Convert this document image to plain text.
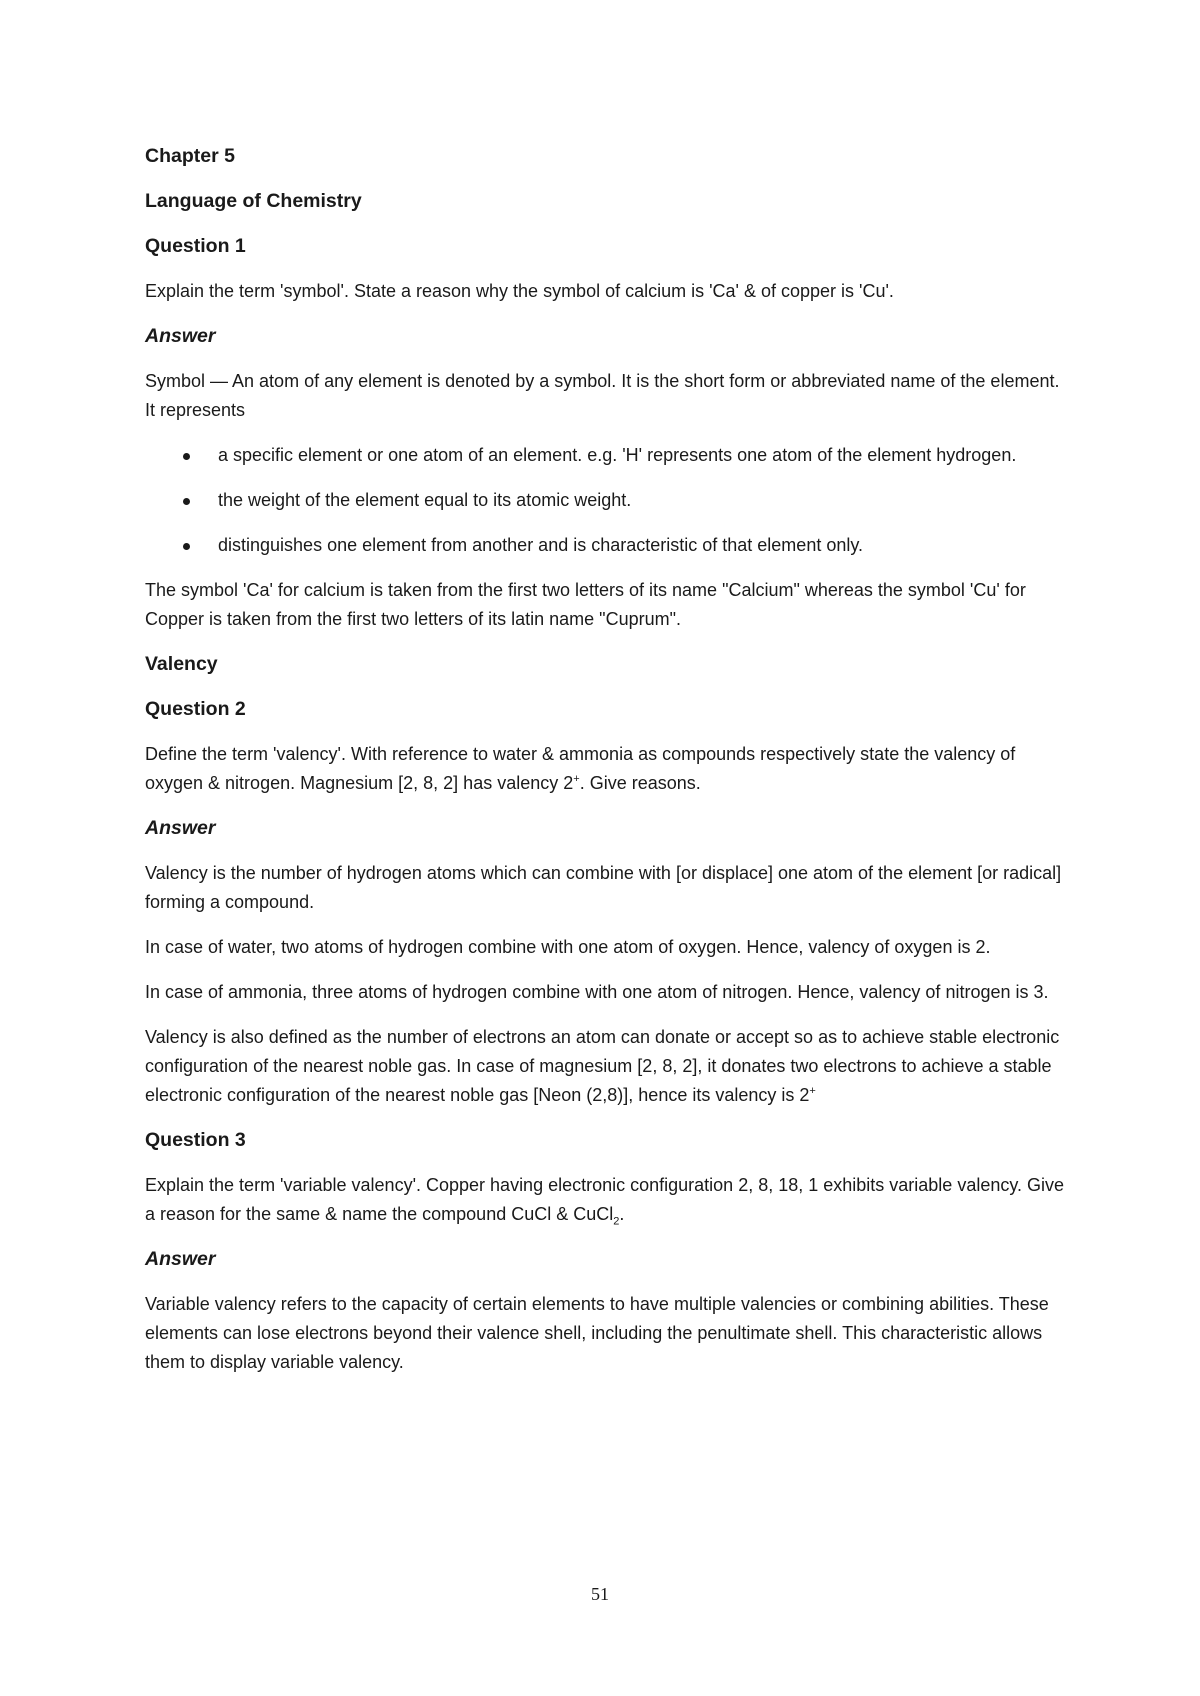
Chapter 5
Language of Chemistry
Question 1
Explain the term 'symbol'. State a reason why the symbol of calcium is 'Ca' & of copper is 'Cu'.
Answer
Symbol — An atom of any element is denoted by a symbol. It is the short form or abbreviated name of the element. It represents
a specific element or one atom of an element. e.g. 'H' represents one atom of the element hydrogen.
the weight of the element equal to its atomic weight.
distinguishes one element from another and is characteristic of that element only.
The symbol 'Ca' for calcium is taken from the first two letters of its name "Calcium" whereas the symbol 'Cu' for Copper is taken from the first two letters of its latin name "Cuprum".
Valency
Question 2
Define the term 'valency'. With reference to water & ammonia as compounds respectively state the valency of oxygen & nitrogen. Magnesium [2, 8, 2] has valency 2+. Give reasons.
Answer
Valency is the number of hydrogen atoms which can combine with [or displace] one atom of the element [or radical] forming a compound.
In case of water, two atoms of hydrogen combine with one atom of oxygen. Hence, valency of oxygen is 2.
In case of ammonia, three atoms of hydrogen combine with one atom of nitrogen. Hence, valency of nitrogen is 3.
Valency is also defined as the number of electrons an atom can donate or accept so as to achieve stable electronic configuration of the nearest noble gas. In case of magnesium [2, 8, 2], it donates two electrons to achieve a stable electronic configuration of the nearest noble gas [Neon (2,8)], hence its valency is 2+
Question 3
Explain the term 'variable valency'. Copper having electronic configuration 2, 8, 18, 1 exhibits variable valency. Give a reason for the same & name the compound CuCl & CuCl$_2$.
Answer
Variable valency refers to the capacity of certain elements to have multiple valencies or combining abilities. These elements can lose electrons beyond their valence shell, including the penultimate shell. This characteristic allows them to display variable valency.
51
